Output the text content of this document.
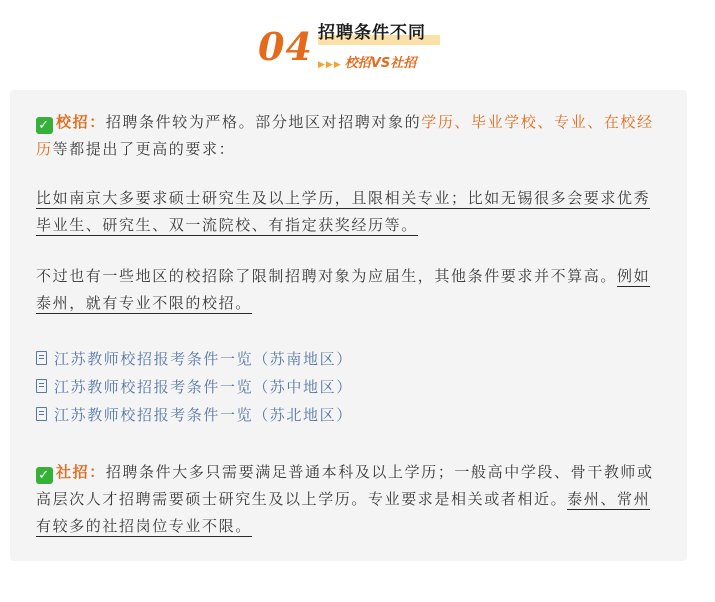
04 招聘条件不同
▶▶▶ 校招VS社招

✓ 校招：招聘条件较为严格。部分地区对招聘对象的学历、毕业学校、专业、在校经历等都提出了更高的要求：

比如南京大多要求硕士研究生及以上学历，且限相关专业；比如无锡很多会要求优秀毕业生、研究生、双一流院校、有指定获奖经历等。

不过也有一些地区的校招除了限制招聘对象为应届生，其他条件要求并不算高。例如泰州，就有专业不限的校招。

江苏教师校招报考条件一览（苏南地区）
江苏教师校招报考条件一览（苏中地区）
江苏教师校招报考条件一览（苏北地区）

✓ 社招：招聘条件大多只需要满足普通本科及以上学历；一般高中学段、骨干教师或高层次人才招聘需要硕士研究生及以上学历。专业要求是相关或者相近。泰州、常州有较多的社招岗位专业不限。
